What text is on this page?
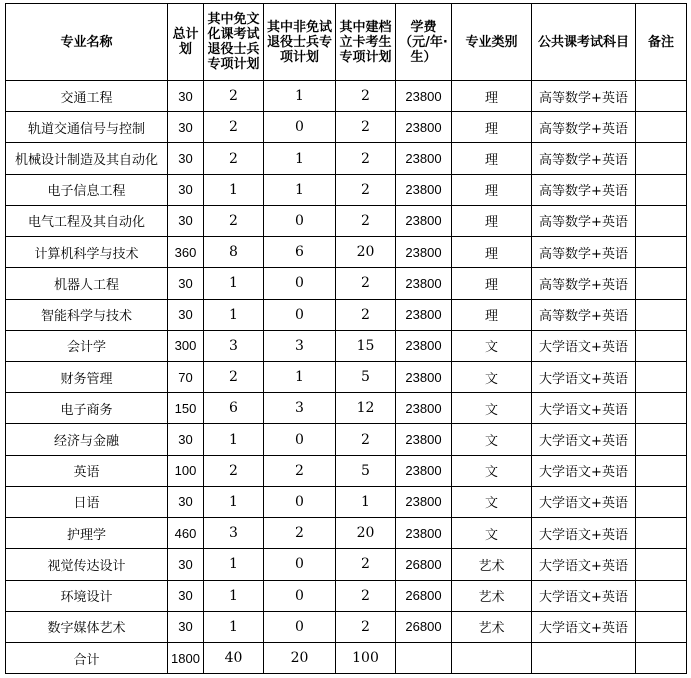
专业名称	总计划	其中免文化课考试退役士兵专项计划	其中非免试退役士兵专项计划	其中建档立卡考生专项计划	学费（元/年·生）	专业类别	公共课考试科目	备注
交通工程	30	2	1	2	23800	理	高等数学+英语	
轨道交通信号与控制	30	2	0	2	23800	理	高等数学+英语	
机械设计制造及其自动化	30	2	1	2	23800	理	高等数学+英语	
电子信息工程	30	1	1	2	23800	理	高等数学+英语	
电气工程及其自动化	30	2	0	2	23800	理	高等数学+英语	
计算机科学与技术	360	8	6	20	23800	理	高等数学+英语	
机器人工程	30	1	0	2	23800	理	高等数学+英语	
智能科学与技术	30	1	0	2	23800	理	高等数学+英语	
会计学	300	3	3	15	23800	文	大学语文+英语	
财务管理	70	2	1	5	23800	文	大学语文+英语	
电子商务	150	6	3	12	23800	文	大学语文+英语	
经济与金融	30	1	0	2	23800	文	大学语文+英语	
英语	100	2	2	5	23800	文	大学语文+英语	
日语	30	1	0	1	23800	文	大学语文+英语	
护理学	460	3	2	20	23800	文	大学语文+英语	
视觉传达设计	30	1	0	2	26800	艺术	大学语文+英语	
环境设计	30	1	0	2	26800	艺术	大学语文+英语	
数字媒体艺术	30	1	0	2	26800	艺术	大学语文+英语	
合计	1800	40	20	100				
